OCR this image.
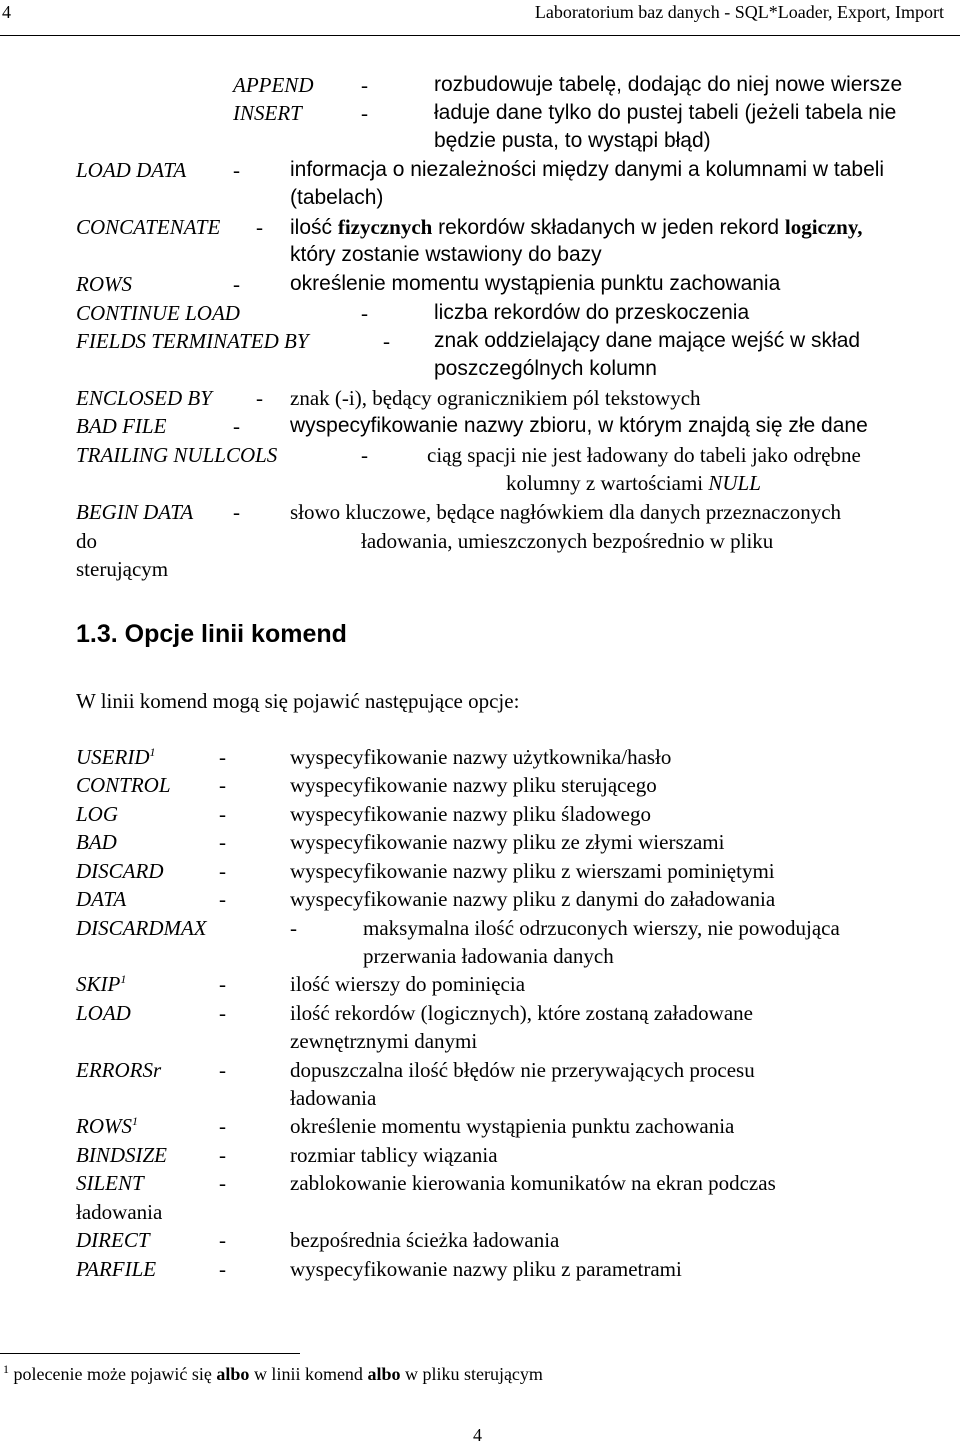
4	Laboratorium baz danych - SQL*Loader, Export, Import
APPEND -	rozbudowuje tabelę, dodając do niej nowe wiersze
INSERT	-	ładuje dane tylko do pustej tabeli (jeżeli tabela nie
będzie pusta, to wystąpi błąd)
LOAD DATA - informacja o niezależności między danymi a kolumnami w tabeli
(tabelach)
CONCATENATE - ilość fizycznych rekordów składanych w jeden rekord logiczny,
który zostanie wstawiony do bazy
ROWS	- określenie momentu wystąpienia punktu zachowania
CONTINUE LOAD	-	liczba rekordów do przeskoczenia
FIELDS TERMINATED BY	- znak oddzielający dane mające wejść w skład
poszczególnych kolumn
ENCLOSED BY - znak (-i), będący ogranicznikiem pól tekstowych
BAD FILE	- wyspecyfikowanie nazwy zbioru, w którym znajdą się złe dane
TRAILING NULLCOLS	-	ciąg spacji nie jest ładowany do tabeli jako odrębne
kolumny z wartościami NULL
BEGIN DATA - słowo kluczowe, będące nagłówkiem dla danych przeznaczonych
do	ładowania, umieszczonych bezpośrednio w pliku
sterującym
1.3. Opcje linii komend
W linii komend mogą się pojawić następujące opcje:
USERID$^1$	-	wyspecyfikowanie nazwy użytkownika/hasło
CONTROL -	wyspecyfikowanie nazwy pliku sterującego
LOG	-	wyspecyfikowanie nazwy pliku śladowego
BAD	-	wyspecyfikowanie nazwy pliku ze złymi wierszami
DISCARD	-	wyspecyfikowanie nazwy pliku z wierszami pominiętymi
DATA	-	wyspecyfikowanie nazwy pliku z danymi do załadowania
DISCARDMAX	-	maksymalna ilość odrzuconych wierszy, nie powodująca
przerwania ładowania danych
SKIP$^1$	-	ilość wierszy do pominięcia
LOAD	-	ilość rekordów (logicznych), które zostaną załadowane
zewnętrznymi danymi
ERRORSr	-	dopuszczalna ilość błędów nie przerywających procesu
ładowania
ROWS$^1$	-	określenie momentu wystąpienia punktu zachowania
BINDSIZE -	rozmiar tablicy wiązania
SILENT	-	zablokowanie kierowania komunikatów na ekran podczas
ładowania
DIRECT	-	bezpośrednia ścieżka ładowania
PARFILE	-	wyspecyfikowanie nazwy pliku z parametrami
$^1$ polecenie może pojawić się albo w linii komend albo w pliku sterującym
4
